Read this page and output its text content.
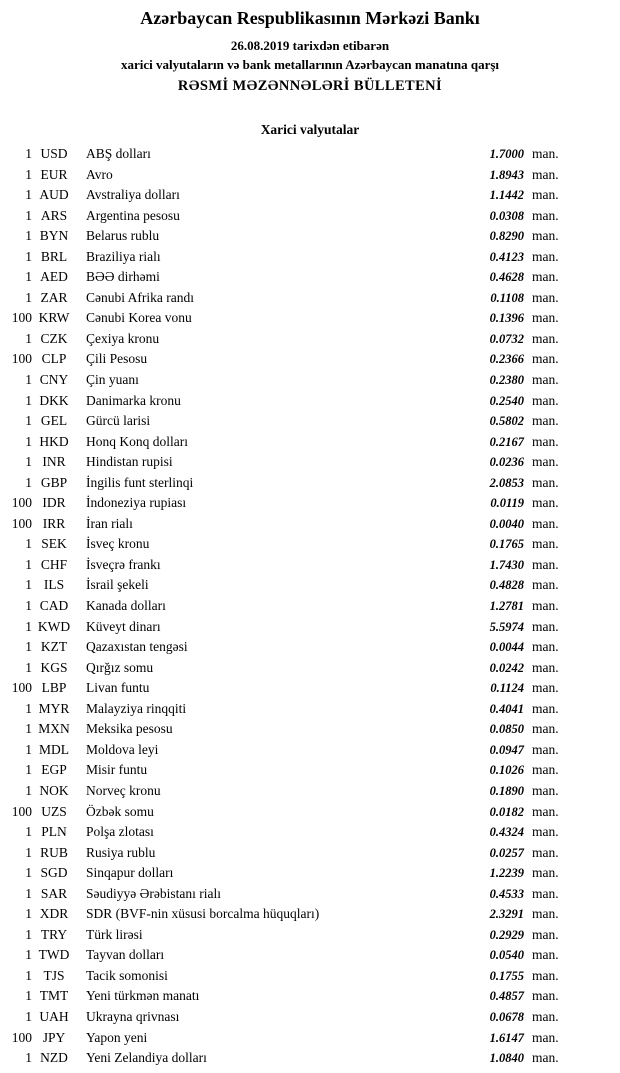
Azərbaycan Respublikasının Mərkəzi Bankı
26.08.2019 tarixdən etibarən
xarici valyutaların və bank metallarının Azərbaycan manatına qarşı
RƏSMİ MƏZƏNNƏLƏRİ BÜLLETENİ
Xarici valyutalar
1	USD	ABŞ dolları	1.7000	man.
1	EUR	Avro	1.8943	man.
1	AUD	Avstraliya dolları	1.1442	man.
1	ARS	Argentina pesosu	0.0308	man.
1	BYN	Belarus rublu	0.8290	man.
1	BRL	Braziliya rialı	0.4123	man.
1	AED	BƏƏ dirhəmi	0.4628	man.
1	ZAR	Cənubi Afrika randı	0.1108	man.
100	KRW	Cənubi Korea vonu	0.1396	man.
1	CZK	Çexiya kronu	0.0732	man.
100	CLP	Çili Pesosu	0.2366	man.
1	CNY	Çin yuanı	0.2380	man.
1	DKK	Danimarka kronu	0.2540	man.
1	GEL	Gürcü larisi	0.5802	man.
1	HKD	Honq Konq dolları	0.2167	man.
1	INR	Hindistan rupisi	0.0236	man.
1	GBP	İngilis funt sterlinqi	2.0853	man.
100	IDR	İndoneziya rupiası	0.0119	man.
100	IRR	İran rialı	0.0040	man.
1	SEK	İsveç kronu	0.1765	man.
1	CHF	İsveçrə frankı	1.7430	man.
1	ILS	İsrail şekeli	0.4828	man.
1	CAD	Kanada dolları	1.2781	man.
1	KWD	Küveyt dinarı	5.5974	man.
1	KZT	Qazaxıstan tengəsi	0.0044	man.
1	KGS	Qırğız somu	0.0242	man.
100	LBP	Livan funtu	0.1124	man.
1	MYR	Malayziya rinqqiti	0.4041	man.
1	MXN	Meksika pesosu	0.0850	man.
1	MDL	Moldova leyi	0.0947	man.
1	EGP	Misir funtu	0.1026	man.
1	NOK	Norveç kronu	0.1890	man.
100	UZS	Özbək somu	0.0182	man.
1	PLN	Polşa zlotası	0.4324	man.
1	RUB	Rusiya rublu	0.0257	man.
1	SGD	Sinqapur dolları	1.2239	man.
1	SAR	Səudiyyə Ərəbistanı rialı	0.4533	man.
1	XDR	SDR (BVF-nin xüsusi borcalma hüquqları)	2.3291	man.
1	TRY	Türk lirəsi	0.2929	man.
1	TWD	Tayvan dolları	0.0540	man.
1	TJS	Tacik somonisi	0.1755	man.
1	TMT	Yeni türkmən manatı	0.4857	man.
1	UAH	Ukrayna qrivnası	0.0678	man.
100	JPY	Yapon yeni	1.6147	man.
1	NZD	Yeni Zelandiya dolları	1.0840	man.
